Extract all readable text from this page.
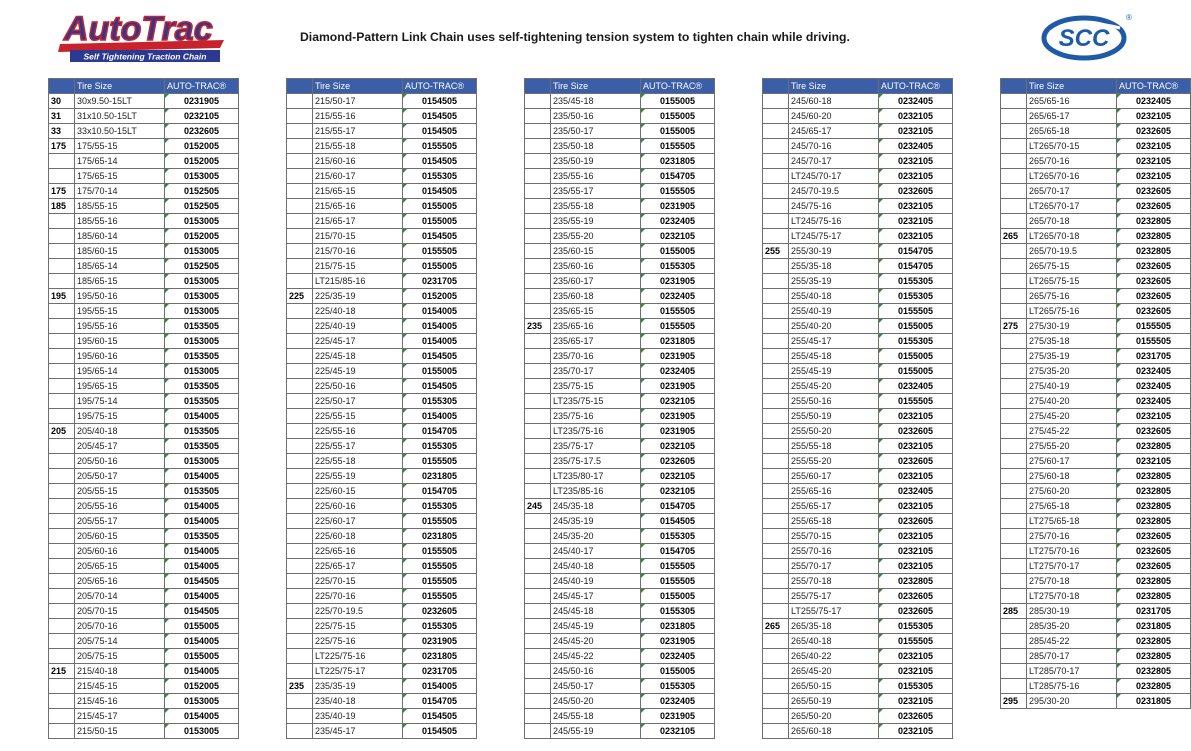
AutoTrac
Self Tightening Traction Chain
Diamond-Pattern Link Chain uses self-tightening tension system to tighten chain while driving.	SCC
®
	Tire Size	AUTO-TRAC®
30	30x9.50-15LT	0231905
31	31x10.50-15LT	0232105
33	33x10.50-15LT	0232605
175	175/55-15	0152005
	175/65-14	0152005
	175/65-15	0153005
175	175/70-14	0152505
185	185/55-15	0152505
	185/55-16	0153005
	185/60-14	0152005
	185/60-15	0153005
	185/65-14	0152505
	185/65-15	0153005
195	195/50-16	0153005
	195/55-15	0153005
	195/55-16	0153505
	195/60-15	0153005
	195/60-16	0153505
	195/65-14	0153005
	195/65-15	0153505
	195/75-14	0153505
	195/75-15	0154005
205	205/40-18	0153505
	205/45-17	0153505
	205/50-16	0153005
	205/50-17	0154005
	205/55-15	0153505
	205/55-16	0154005
	205/55-17	0154005
	205/60-15	0153505
	205/60-16	0154005
	205/65-15	0154005
	205/65-16	0154505
	205/70-14	0154005
	205/70-15	0154505
	205/70-16	0155005
	205/75-14	0154005
	205/75-15	0155005
215	215/40-18	0154005
	215/45-15	0152005
	215/45-16	0153005
	215/45-17	0154005
	215/50-15	0153005
	Tire Size	AUTO-TRAC®
	215/50-17	0154505
	215/55-16	0154505
	215/55-17	0154505
	215/55-18	0155505
	215/60-16	0154505
	215/60-17	0155305
	215/65-15	0154505
	215/65-16	0155005
	215/65-17	0155005
	215/70-15	0154505
	215/70-16	0155505
	215/75-15	0155005
	LT215/85-16	0231705
225	225/35-19	0152005
	225/40-18	0154005
	225/40-19	0154005
	225/45-17	0154005
	225/45-18	0154505
	225/45-19	0155005
	225/50-16	0154505
	225/50-17	0155305
	225/55-15	0154005
	225/55-16	0154705
	225/55-17	0155305
	225/55-18	0155505
	225/55-19	0231805
	225/60-15	0154705
	225/60-16	0155305
	225/60-17	0155505
	225/60-18	0231805
	225/65-16	0155505
	225/65-17	0155505
	225/70-15	0155505
	225/70-16	0155505
	225/70-19.5	0232605
	225/75-15	0155305
	225/75-16	0231905
	LT225/75-16	0231805
	LT225/75-17	0231705
235	235/35-19	0154005
	235/40-18	0154705
	235/40-19	0154505
	235/45-17	0154505
	Tire Size	AUTO-TRAC®
	235/45-18	0155005
	235/50-16	0155005
	235/50-17	0155005
	235/50-18	0155505
	235/50-19	0231805
	235/55-16	0154705
	235/55-17	0155505
	235/55-18	0231905
	235/55-19	0232405
	235/55-20	0232105
	235/60-15	0155005
	235/60-16	0155305
	235/60-17	0231905
	235/60-18	0232405
	235/65-15	0155505
235	235/65-16	0155505
	235/65-17	0231805
	235/70-16	0231905
	235/70-17	0232405
	235/75-15	0231905
	LT235/75-15	0232105
	235/75-16	0231905
	LT235/75-16	0231905
	235/75-17	0232105
	235/75-17.5	0232605
	LT235/80-17	0232105
	LT235/85-16	0232105
245	245/35-18	0154705
	245/35-19	0154505
	245/35-20	0155305
	245/40-17	0154705
	245/40-18	0155505
	245/40-19	0155505
	245/45-17	0155005
	245/45-18	0155305
	245/45-19	0231805
	245/45-20	0231905
	245/45-22	0232405
	245/50-16	0155005
	245/50-17	0155305
	245/50-20	0232405
	245/55-18	0231905
	245/55-19	0232105
	Tire Size	AUTO-TRAC®
	245/60-18	0232405
	245/60-20	0232105
	245/65-17	0232105
	245/70-16	0232405
	245/70-17	0232105
	LT245/70-17	0232105
	245/70-19.5	0232605
	245/75-16	0232105
	LT245/75-16	0232105
	LT245/75-17	0232105
255	255/30-19	0154705
	255/35-18	0154705
	255/35-19	0155305
	255/40-18	0155305
	255/40-19	0155505
	255/40-20	0155005
	255/45-17	0155305
	255/45-18	0155005
	255/45-19	0155005
	255/45-20	0232405
	255/50-16	0155505
	255/50-19	0232105
	255/50-20	0232605
	255/55-18	0232105
	255/55-20	0232605
	255/60-17	0232105
	255/65-16	0232405
	255/65-17	0232105
	255/65-18	0232605
	255/70-15	0232105
	255/70-16	0232105
	255/70-17	0232105
	255/70-18	0232805
	255/75-17	0232605
	LT255/75-17	0232605
265	265/35-18	0155305
	265/40-18	0155505
	265/40-22	0232105
	265/45-20	0232105
	265/50-15	0155305
	265/50-19	0232105
	265/50-20	0232605
	265/60-18	0232105
	Tire Size	AUTO-TRAC®
	265/65-16	0232405
	265/65-17	0232105
	265/65-18	0232605
	LT265/70-15	0232105
	265/70-16	0232105
	LT265/70-16	0232105
	265/70-17	0232605
	LT265/70-17	0232605
	265/70-18	0232805
265	LT265/70-18	0232805
	265/70-19.5	0232805
	265/75-15	0232605
	LT265/75-15	0232605
	265/75-16	0232605
	LT265/75-16	0232605
275	275/30-19	0155505
	275/35-18	0155505
	275/35-19	0231705
	275/35-20	0232405
	275/40-19	0232405
	275/40-20	0232405
	275/45-20	0232105
	275/45-22	0232605
	275/55-20	0232805
	275/60-17	0232105
	275/60-18	0232805
	275/60-20	0232805
	275/65-18	0232805
	LT275/65-18	0232805
	275/70-16	0232605
	LT275/70-16	0232605
	LT275/70-17	0232605
	275/70-18	0232805
	LT275/70-18	0232805
285	285/30-19	0231705
	285/35-20	0231805
	285/45-22	0232805
	285/70-17	0232805
	LT285/70-17	0232805
	LT285/75-16	0232805
295	295/30-20	0231805
